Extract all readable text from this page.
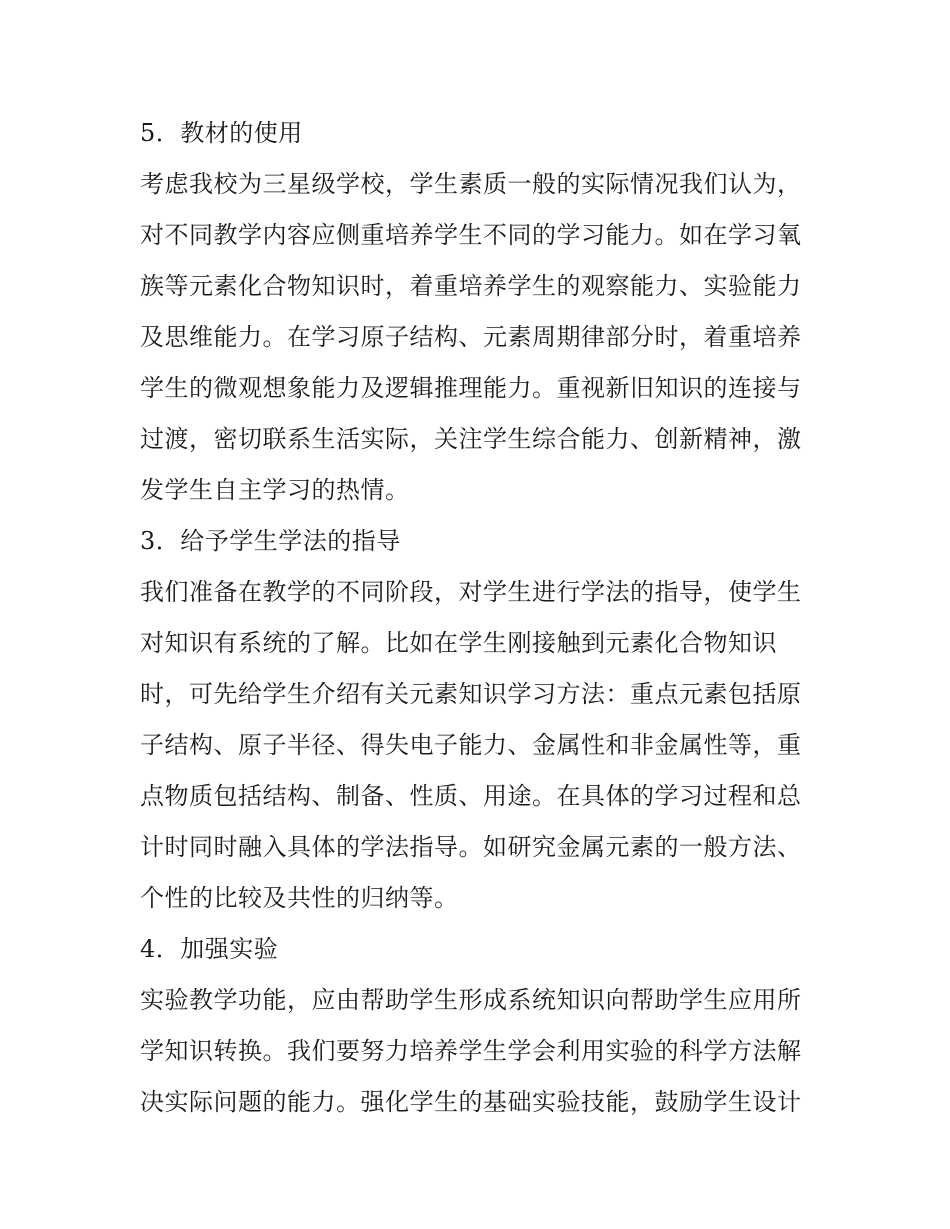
5．教材的使用
考虑我校为三星级学校，学生素质一般的实际情况我们认为，
对不同教学内容应侧重培养学生不同的学习能力。如在学习氧
族等元素化合物知识时，着重培养学生的观察能力、实验能力
及思维能力。在学习原子结构、元素周期律部分时，着重培养
学生的微观想象能力及逻辑推理能力。重视新旧知识的连接与
过渡，密切联系生活实际，关注学生综合能力、创新精神，激
发学生自主学习的热情。
3．给予学生学法的指导
我们准备在教学的不同阶段，对学生进行学法的指导，使学生
对知识有系统的了解。比如在学生刚接触到元素化合物知识
时，可先给学生介绍有关元素知识学习方法：重点元素包括原
子结构、原子半径、得失电子能力、金属性和非金属性等，重
点物质包括结构、制备、性质、用途。在具体的学习过程和总
计时同时融入具体的学法指导。如研究金属元素的一般方法、
个性的比较及共性的归纳等。
4．加强实验
实验教学功能，应由帮助学生形成系统知识向帮助学生应用所
学知识转换。我们要努力培养学生学会利用实验的科学方法解
决实际问题的能力。强化学生的基础实验技能，鼓励学生设计
